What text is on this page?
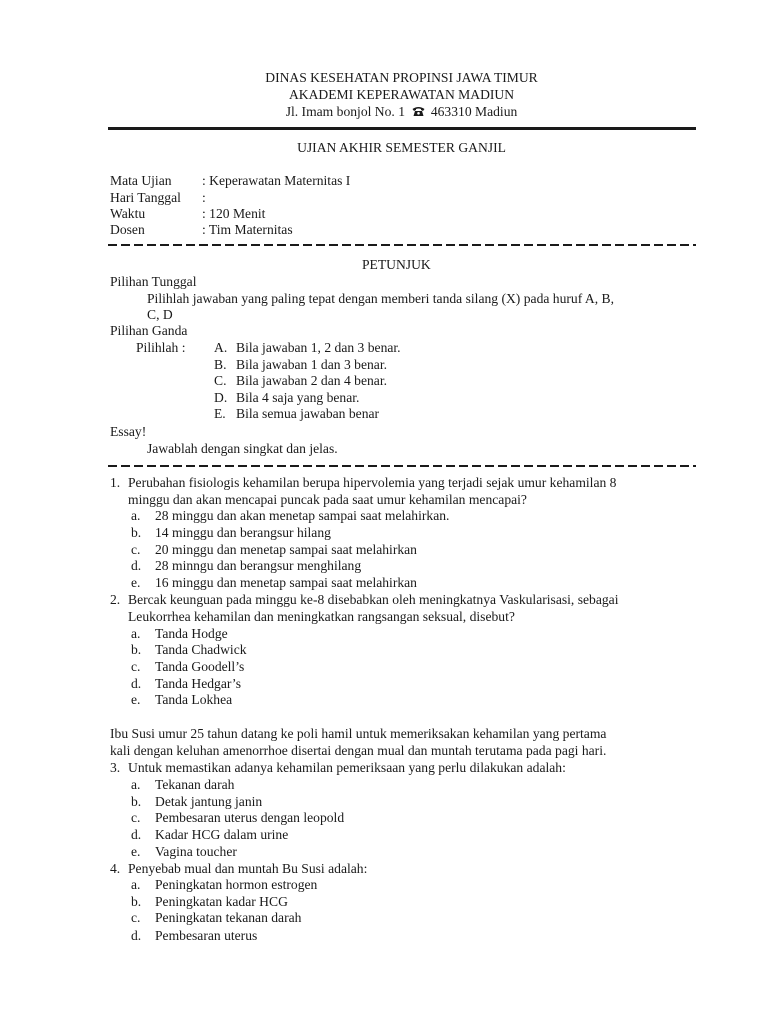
DINAS KESEHATAN PROPINSI JAWA TIMUR
AKADEMI KEPERAWATAN MADIUN
Jl. Imam bonjol No. 1 463310 Madiun
UJIAN AKHIR SEMESTER GANJIL
Mata Ujian : Keperawatan Maternitas I
Hari Tanggal :
Waktu	: 120 Menit
Dosen	: Tim Maternitas
PETUNJUK
Pilihan Tunggal
Pilihlah jawaban yang paling tepat dengan memberi tanda silang (X) pada huruf A, B,
C, D
Pilihan Ganda
Pilihlah : A. Bila jawaban 1, 2 dan 3 benar.
B. Bila jawaban 1 dan 3 benar.
C. Bila jawaban 2 dan 4 benar.
D. Bila 4 saja yang benar.
E. Bila semua jawaban benar
Essay!
Jawablah dengan singkat dan jelas.
1. Perubahan fisiologis kehamilan berupa hipervolemia yang terjadi sejak umur kehamilan 8
minggu dan akan mencapai puncak pada saat umur kehamilan mencapai?
a. 28 minggu dan akan menetap sampai saat melahirkan.
b. 14 minggu dan berangsur hilang
c. 20 minggu dan menetap sampai saat melahirkan
d. 28 minngu dan berangsur menghilang
e. 16 minggu dan menetap sampai saat melahirkan
2. Bercak keunguan pada minggu ke-8 disebabkan oleh meningkatnya Vaskularisasi, sebagai
Leukorrhea kehamilan dan meningkatkan rangsangan seksual, disebut?
a. Tanda Hodge
b. Tanda Chadwick
c. Tanda Goodell’s
d. Tanda Hedgar’s
e. Tanda Lokhea
Ibu Susi umur 25 tahun datang ke poli hamil untuk memeriksakan kehamilan yang pertama
kali dengan keluhan amenorrhoe disertai dengan mual dan muntah terutama pada pagi hari.
3. Untuk memastikan adanya kehamilan pemeriksaan yang perlu dilakukan adalah:
a. Tekanan darah
b. Detak jantung janin
c. Pembesaran uterus dengan leopold
d. Kadar HCG dalam urine
e. Vagina toucher
4. Penyebab mual dan muntah Bu Susi adalah:
a. Peningkatan hormon estrogen
b. Peningkatan kadar HCG
c. Peningkatan tekanan darah
d. Pembesaran uterus
